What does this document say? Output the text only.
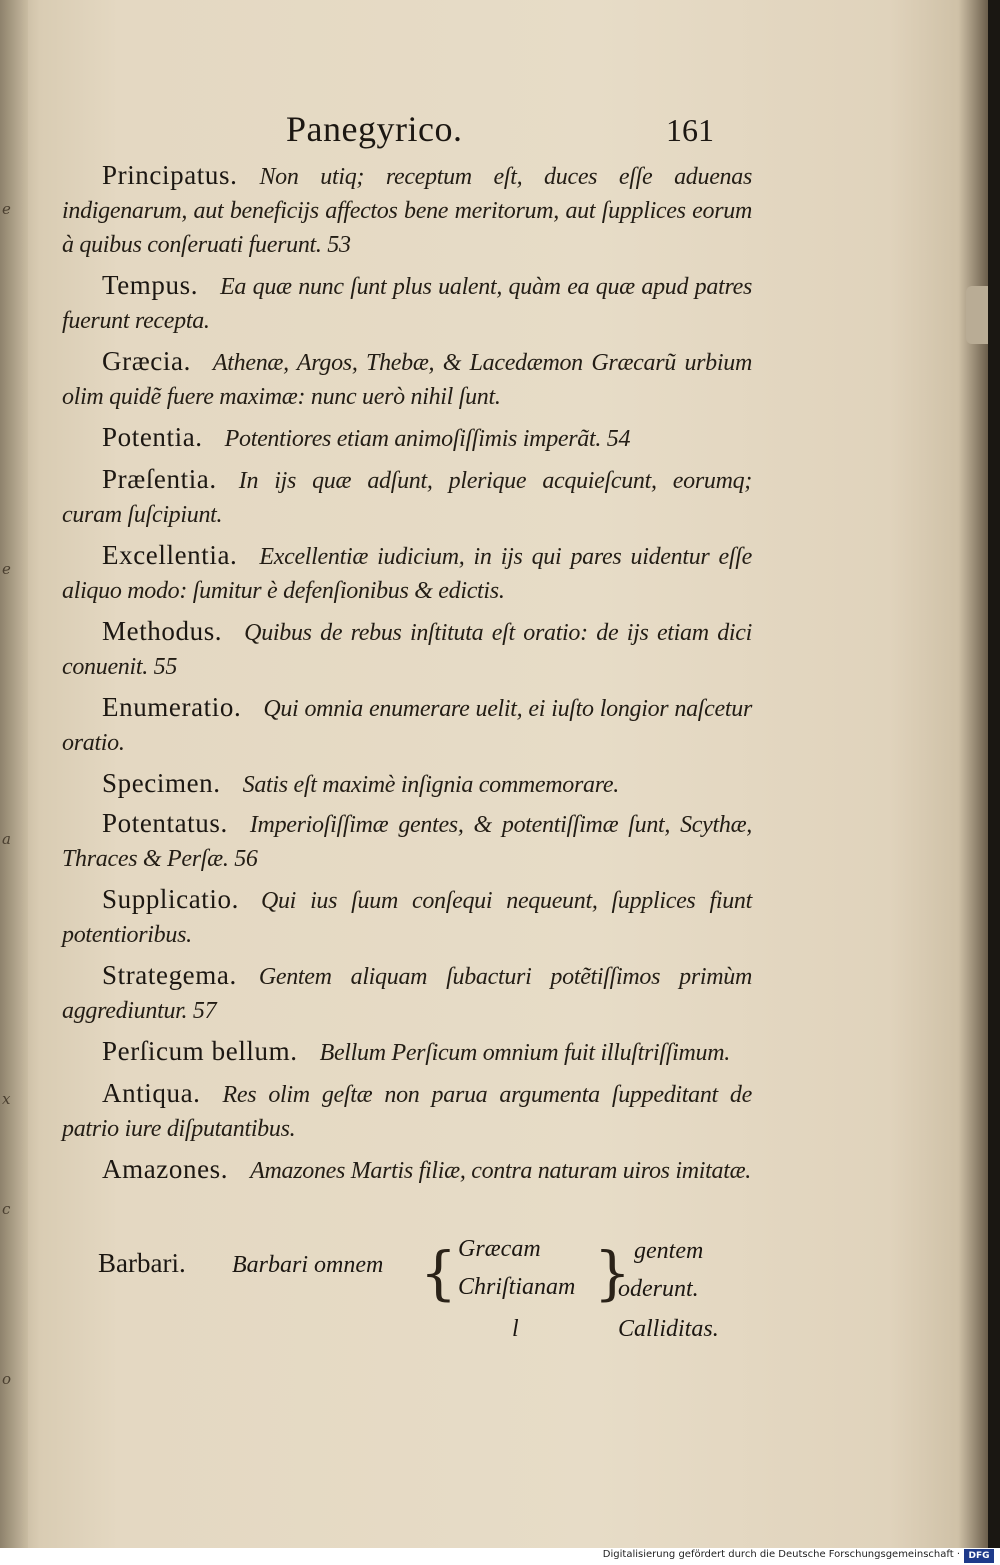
e
e
a
x
c
o
Panegyrico.	161

Principatus. Non utiq; receptum eſt, duces eſſe aduenas indigenarum, aut beneficijs affectos bene meritorum, aut ſupplices eorum à quibus conſeruati fuerunt. 53

Tempus. Ea quæ nunc ſunt plus ualent, quàm ea quæ apud patres fuerunt recepta.

Græcia. Athenæ, Argos, Thebæ, & Lacedæmon Græcarũ urbium olim quidẽ fuere maximæ: nunc uerò nihil ſunt.

Potentia. Potentiores etiam animoſiſſimis imperãt. 54

Præſentia. In ijs quæ adſunt, plerique acquieſcunt, eorumq; curam ſuſcipiunt.

Excellentia. Excellentiæ iudicium, in ijs qui pares uidentur eſſe aliquo modo: ſumitur è defenſionibus & edictis.

Methodus. Quibus de rebus inſtituta eſt oratio: de ijs etiam dici conuenit. 55

Enumeratio. Qui omnia enumerare uelit, ei iuſto longior naſcetur oratio.

Specimen. Satis eſt maximè inſignia commemorare.

Potentatus. Imperioſiſſimæ gentes, & potentiſſimæ ſunt, Scythæ, Thraces & Perſæ. 56

Supplicatio. Qui ius ſuum conſequi nequeunt, ſupplices fiunt potentioribus.

Strategema. Gentem aliquam ſubacturi potẽtiſſimos primùm aggrediuntur. 57

Perſicum bellum. Bellum Perſicum omnium fuit illuſtriſſimum.

Antiqua. Res olim geſtæ non parua argumenta ſuppeditant de patrio iure diſputantibus.

Amazones. Amazones Martis filiæ, contra naturam uiros imitatæ.

Barbari. Barbari omnem { Græcam
Chriſtianam } gentem
oderunt.
l	Calliditas.
Digitalisierung gefördert durch die Deutsche Forschungsgemeinschaft · DFG
